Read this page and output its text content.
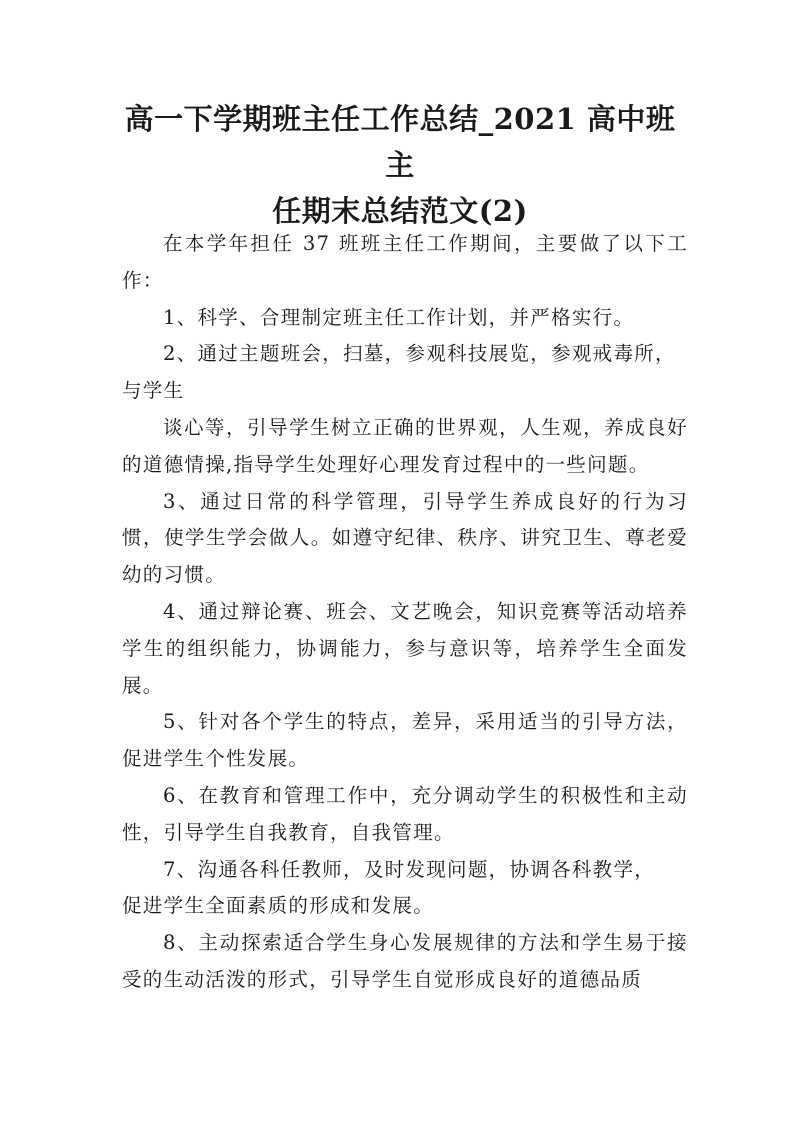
高一下学期班主任工作总结_2021 高中班主
任期末总结范文(2)

在本学年担任 37 班班主任工作期间，主要做了以下工作：

1、科学、合理制定班主任工作计划，并严格实行。

2、通过主题班会，扫墓，参观科技展览，参观戒毒所，

与学生

谈心等，引导学生树立正确的世界观，人生观，养成良好的道德情操,指导学生处理好心理发育过程中的一些问题。

3、通过日常的科学管理，引导学生养成良好的行为习惯，使学生学会做人。如遵守纪律、秩序、讲究卫生、尊老爱幼的习惯。

4、通过辩论赛、班会、文艺晚会，知识竞赛等活动培养学生的组织能力，协调能力，参与意识等，培养学生全面发展。

5、针对各个学生的特点，差异，采用适当的引导方法，促进学生个性发展。

6、在教育和管理工作中，充分调动学生的积极性和主动性，引导学生自我教育，自我管理。

7、沟通各科任教师，及时发现问题，协调各科教学，

促进学生全面素质的形成和发展。

8、主动探索适合学生身心发展规律的方法和学生易于接受的生动活泼的形式，引导学生自觉形成良好的道德品质
